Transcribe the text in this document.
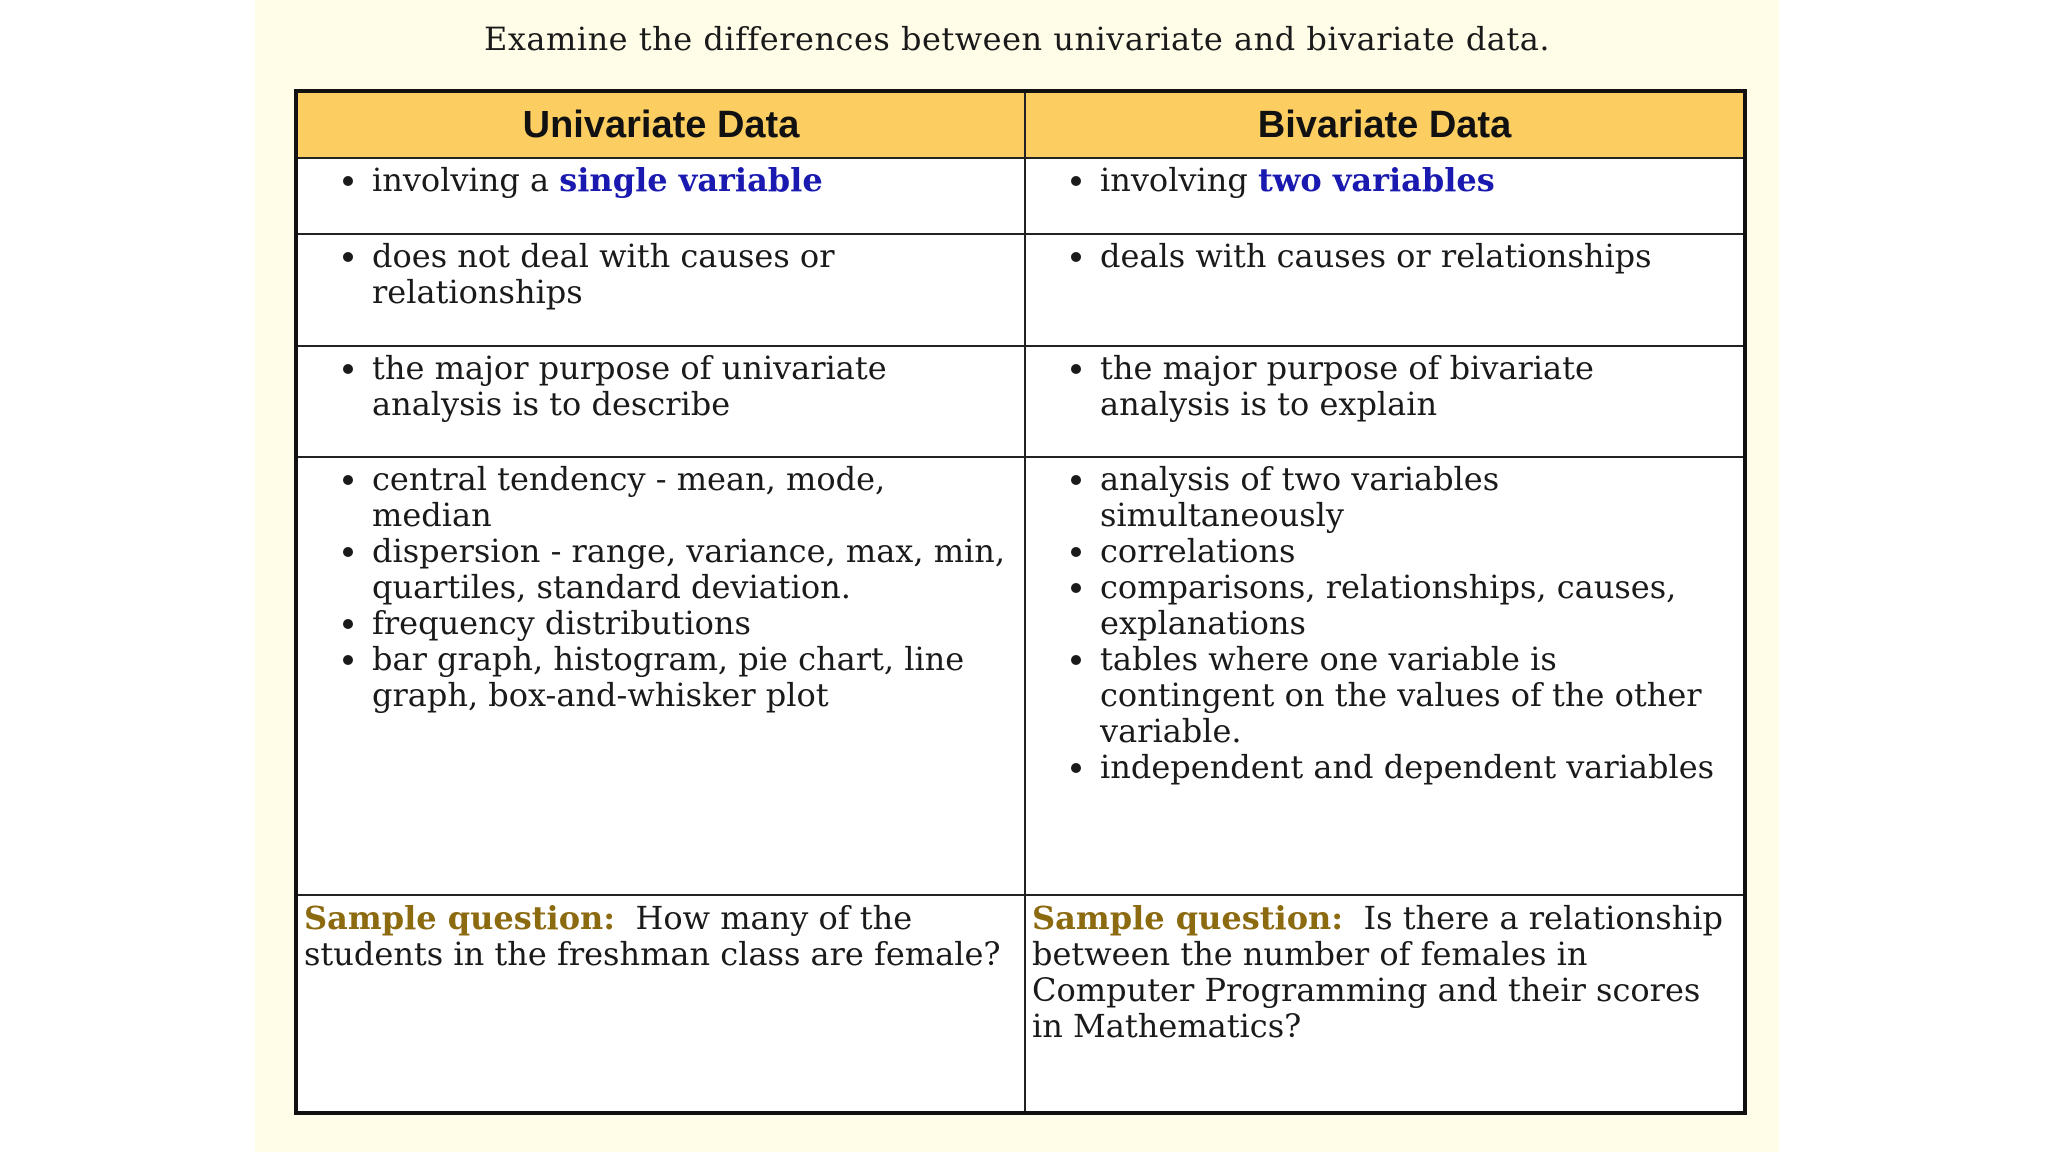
Examine the differences between univariate and bivariate data.
Univariate Data	Bivariate Data
• involving a single variable
•	involving two variables
• does not deal with causes or relationships
• deals with causes or relationships
• the major purpose of univariate analysis is to describe
• the major purpose of bivariate analysis is to explain
• central tendency - mean, mode, median
• dispersion - range, variance, max, min, quartiles, standard deviation.
• frequency distributions
• bar graph, histogram, pie chart, line
graph, box-and-whisker plot
• analysis of two variables simultaneously
• correlations
• comparisons, relationships, causes,
explanations
• tables where one variable is contingent on the values of the other variable.
• independent and dependent variables
Sample question: How many of the students in the freshman class are female?
Sample question: Is there a relationship between the number of females in Computer Programming and their scores in Mathematics?
